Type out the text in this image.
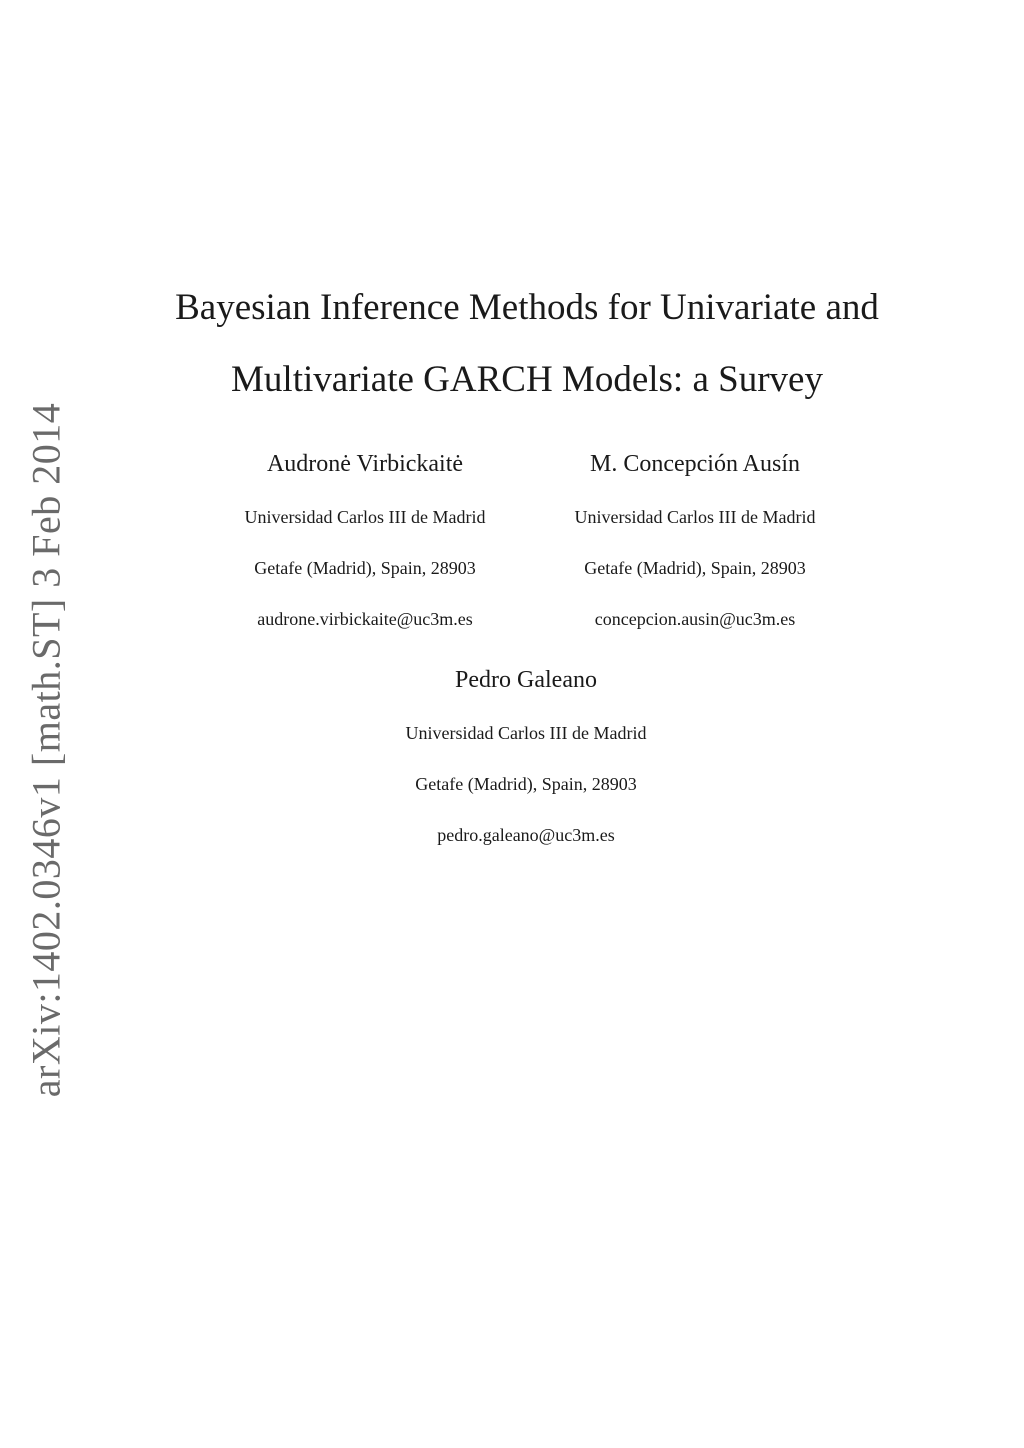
arXiv:1402.0346v1 [math.ST] 3 Feb 2014
Bayesian Inference Methods for Univariate and
Multivariate GARCH Models: a Survey
Audronė Virbickaitė
Universidad Carlos III de Madrid
Getafe (Madrid), Spain, 28903
audrone.virbickaite@uc3m.es
M. Concepción Ausín
Universidad Carlos III de Madrid
Getafe (Madrid), Spain, 28903
concepcion.ausin@uc3m.es
Pedro Galeano
Universidad Carlos III de Madrid
Getafe (Madrid), Spain, 28903
pedro.galeano@uc3m.es
